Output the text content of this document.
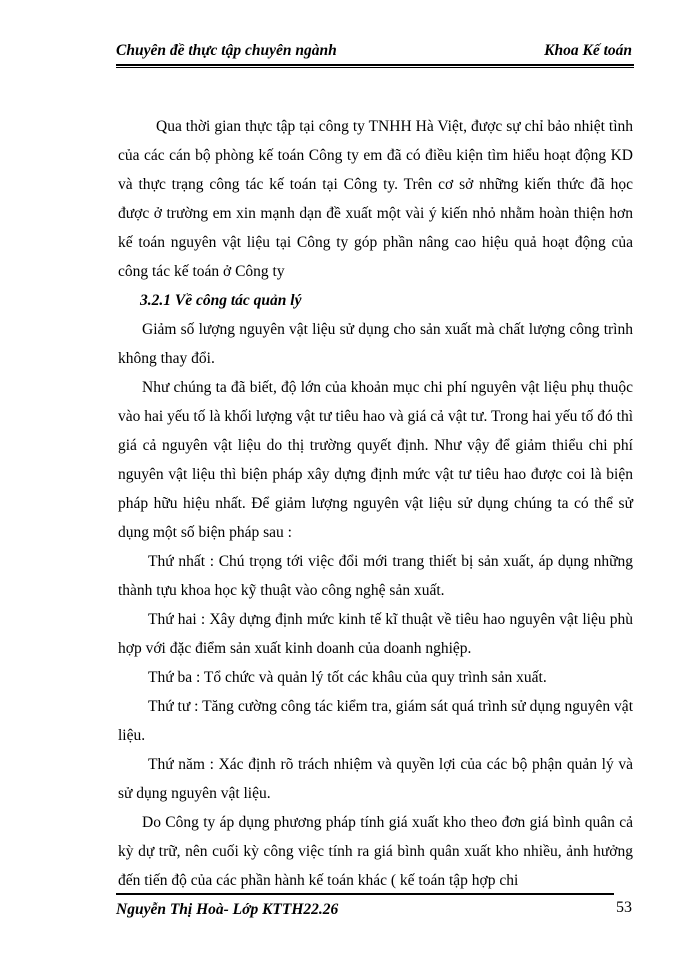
Chuyên đề thực tập chuyên ngành	Khoa Kế toán

Qua thời gian thực tập tại công ty TNHH Hà Việt, được sự chỉ bảo nhiệt tình của các cán bộ phòng kế toán Công ty em đã có điều kiện tìm hiểu hoạt động KD và thực trạng công tác kế toán tại Công ty. Trên cơ sở những kiến thức đã học được ở trường em xin mạnh dạn đề xuất một vài ý kiến nhỏ nhằm hoàn thiện hơn kế toán nguyên vật liệu tại Công ty góp phần nâng cao hiệu quả hoạt động của công tác kế toán ở Công ty

3.2.1 Về công tác quản lý

Giảm số lượng nguyên vật liệu sử dụng cho sản xuất mà chất lượng công trình không thay đổi.

Như chúng ta đã biết, độ lớn của khoản mục chi phí nguyên vật liệu phụ thuộc vào hai yếu tố là khối lượng vật tư tiêu hao và giá cả vật tư. Trong hai yếu tố đó thì giá cả nguyên vật liệu do thị trường quyết định. Như vậy để giảm thiểu chi phí nguyên vật liệu thì biện pháp xây dựng định mức vật tư tiêu hao được coi là biện pháp hữu hiệu nhất. Để giảm lượng nguyên vật liệu sử dụng chúng ta có thể sử dụng một số biện pháp sau :

Thứ nhất : Chú trọng tới việc đổi mới trang thiết bị sản xuất, áp dụng những thành tựu khoa học kỹ thuật vào công nghệ sản xuất.

Thứ hai : Xây dựng định mức kinh tế kĩ thuật về tiêu hao nguyên vật liệu phù hợp với đặc điểm sản xuất kinh doanh của doanh nghiệp.

Thứ ba : Tổ chức và quản lý tốt các khâu của quy trình sản xuất.

Thứ tư : Tăng cường công tác kiểm tra, giám sát quá trình sử dụng nguyên vật liệu.

Thứ năm : Xác định rõ trách nhiệm và quyền lợi của các bộ phận quản lý và sử dụng nguyên vật liệu.

Do Công ty áp dụng phương pháp tính giá xuất kho theo đơn giá bình quân cả kỳ dự trữ, nên cuối kỳ công việc tính ra giá bình quân xuất kho nhiều, ảnh hưởng đến tiến độ của các phần hành kế toán khác ( kế toán tập hợp chi

Nguyễn Thị Hoà- Lớp KTTH22.26	53
